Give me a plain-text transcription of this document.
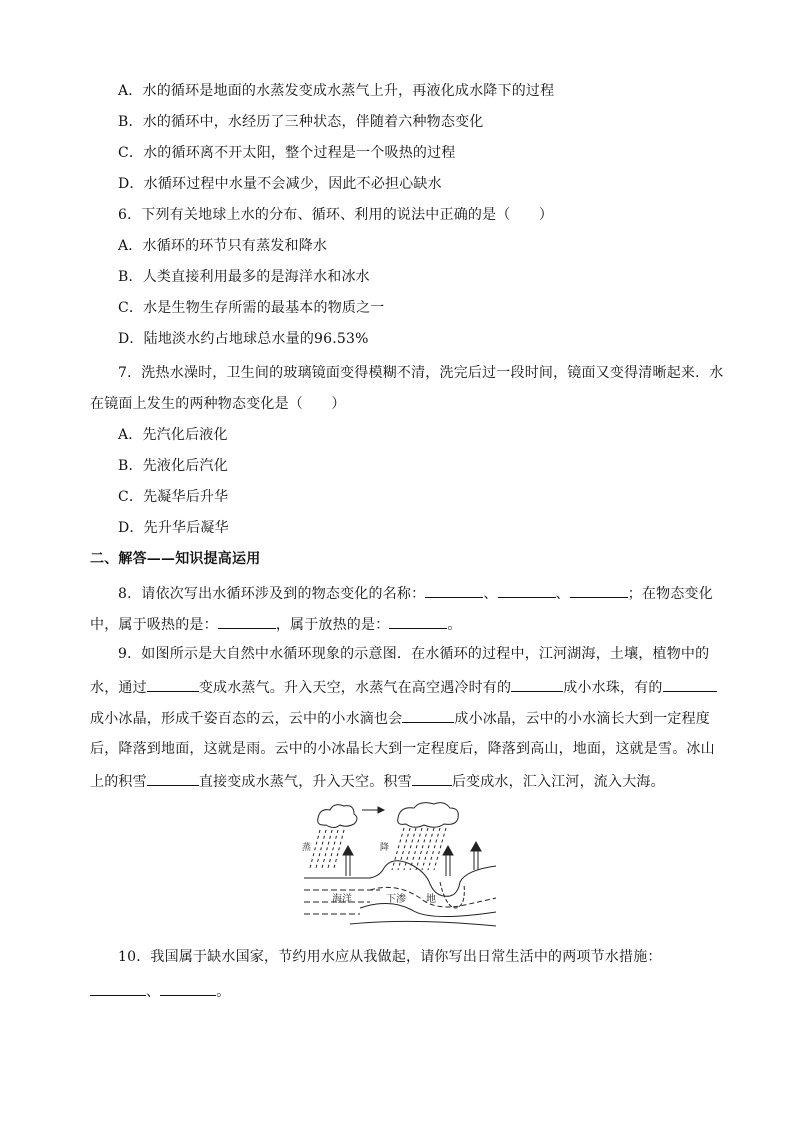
A．水的循环是地面的水蒸发变成水蒸气上升，再液化成水降下的过程
B．水的循环中，水经历了三种状态，伴随着六种物态变化
C．水的循环离不开太阳，整个过程是一个吸热的过程
D．水循环过程中水量不会减少，因此不必担心缺水
6．下列有关地球上水的分布、循环、利用的说法中正确的是（　　）
A．水循环的环节只有蒸发和降水
B．人类直接利用最多的是海洋水和冰水
C．水是生物生存所需的最基本的物质之一
D．陆地淡水约占地球总水量的96.53%
7．洗热水澡时，卫生间的玻璃镜面变得模糊不清，洗完后过一段时间，镜面又变得清晰起来．水
在镜面上发生的两种物态变化是（　　）
A．先汽化后液化
B．先液化后汽化
C．先凝华后升华
D．先升华后凝华
二、解答——知识提高运用
8．请依次写出水循环涉及到的物态变化的名称：	、	、	；在物态变化
中，属于吸热的是：	，属于放热的是：	。
9．如图所示是大自然中水循环现象的示意图．在水循环的过程中，江河湖海，土壤，植物中的
水，通过	变成水蒸气。升入天空，水蒸气在高空遇冷时有的	成小水珠，有的
成小冰晶，形成千姿百态的云，云中的小水滴也会	成小冰晶，云中的小水滴长大到一定程度
后，降落到地面，这就是雨。云中的小冰晶长大到一定程度后，降落到高山，地面，这就是雪。冰山
上的积雪	直接变成水蒸气，升入天空。积雪	后变成水，汇入江河，流入大海。
蒸	降
海洋	下渗 地
10．我国属于缺水国家，节约用水应从我做起，请你写出日常生活中的两项节水措施：
、	。
